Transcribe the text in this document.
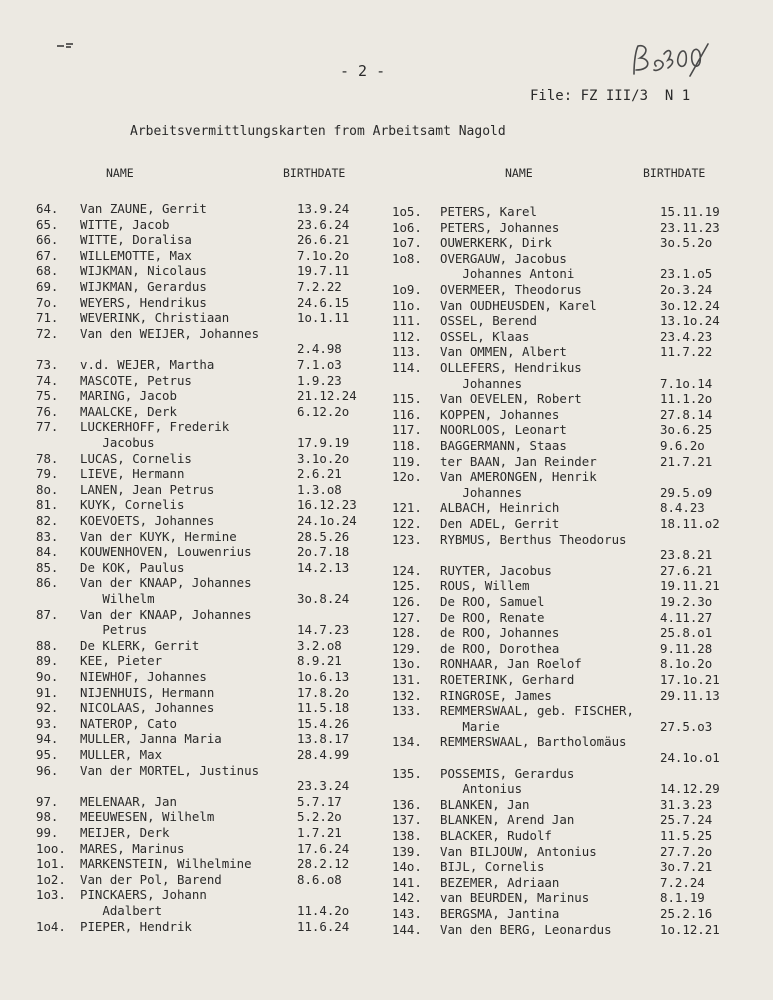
- 2 -
File: FZ III/3  N 1
Arbeitsvermittlungskarten from Arbeitsamt Nagold
NAME	BIRTHDATE	NAME	BIRTHDATE
64. Van ZAUNE, Gerrit	13.9.24
65. WITTE, Jacob	23.6.24
66. WITTE, Doralisa	26.6.21
67. WILLEMOTTE, Max	7.1o.2o
68. WIJKMAN, Nicolaus	19.7.11
69. WIJKMAN, Gerardus	7.2.22
7o. WEYERS, Hendrikus	24.6.15
71. WEVERINK, Christiaan	1o.1.11
72. Van den WEIJER, Johannes
2.4.98
73. v.d. WEJER, Martha	7.1.o3
74. MASCOTE, Petrus	1.9.23
75. MARING, Jacob	21.12.24
76. MAALCKE, Derk	6.12.2o
77. LUCKERHOFF, Frederik
Jacobus	17.9.19
78. LUCAS, Cornelis	3.1o.2o
79. LIEVE, Hermann	2.6.21
8o. LANEN, Jean Petrus	1.3.o8
81. KUYK, Cornelis	16.12.23
82. KOEVOETS, Johannes	24.1o.24
83. Van der KUYK, Hermine	28.5.26
84. KOUWENHOVEN, Louwenrius	2o.7.18
85. De KOK, Paulus	14.2.13
86. Van der KNAAP, Johannes
Wilhelm	3o.8.24
87. Van der KNAAP, Johannes
Petrus	14.7.23
88. De KLERK, Gerrit	3.2.o8
89. KEE, Pieter	8.9.21
9o. NIEWHOF, Johannes	1o.6.13
91. NIJENHUIS, Hermann	17.8.2o
92. NICOLAAS, Johannes	11.5.18
93. NATEROP, Cato	15.4.26
94. MULLER, Janna Maria	13.8.17
95. MULLER, Max	28.4.99
96. Van der MORTEL, Justinus
23.3.24
97. MELENAAR, Jan	5.7.17
98. MEEUWESEN, Wilhelm	5.2.2o
99. MEIJER, Derk	1.7.21
1oo. MARES, Marinus	17.6.24
1o1. MARKENSTEIN, Wilhelmine	28.2.12
1o2. Van der Pol, Barend	8.6.o8
1o3. PINCKAERS, Johann
Adalbert	11.4.2o
1o4. PIEPER, Hendrik	11.6.24
1o5. PETERS, Karel	15.11.19
1o6. PETERS, Johannes	23.11.23
1o7. OUWERKERK, Dirk	3o.5.2o
1o8. OVERGAUW, Jacobus
Johannes Antoni	23.1.o5
1o9. OVERMEER, Theodorus	2o.3.24
11o. Van OUDHEUSDEN, Karel	3o.12.24
111. OSSEL, Berend	13.1o.24
112. OSSEL, Klaas	23.4.23
113. Van OMMEN, Albert	11.7.22
114. OLLEFERS, Hendrikus
Johannes	7.1o.14
115. Van OEVELEN, Robert	11.1.2o
116. KOPPEN, Johannes	27.8.14
117. NOORLOOS, Leonart	3o.6.25
118. BAGGERMANN, Staas	9.6.2o
119. ter BAAN, Jan Reinder	21.7.21
12o. Van AMERONGEN, Henrik
Johannes	29.5.o9
121. ALBACH, Heinrich	8.4.23
122. Den ADEL, Gerrit	18.11.o2
123. RYBMUS, Berthus Theodorus
23.8.21
124. RUYTER, Jacobus	27.6.21
125. ROUS, Willem	19.11.21
126. De ROO, Samuel	19.2.3o
127. De ROO, Renate	4.11.27
128. de ROO, Johannes	25.8.o1
129. de ROO, Dorothea	9.11.28
13o. RONHAAR, Jan Roelof	8.1o.2o
131. ROETERINK, Gerhard	17.1o.21
132. RINGROSE, James	29.11.13
133. REMMERSWAAL, geb. FISCHER,
Marie	27.5.o3
134. REMMERSWAAL, Bartholomäus
24.1o.o1
135. POSSEMIS, Gerardus
Antonius	14.12.29
136. BLANKEN, Jan	31.3.23
137. BLANKEN, Arend Jan	25.7.24
138. BLACKER, Rudolf	11.5.25
139. Van BILJOUW, Antonius	27.7.2o
14o. BIJL, Cornelis	3o.7.21
141. BEZEMER, Adriaan	7.2.24
142. van BEURDEN, Marinus	8.1.19
143. BERGSMA, Jantina	25.2.16
144. Van den BERG, Leonardus	1o.12.21
